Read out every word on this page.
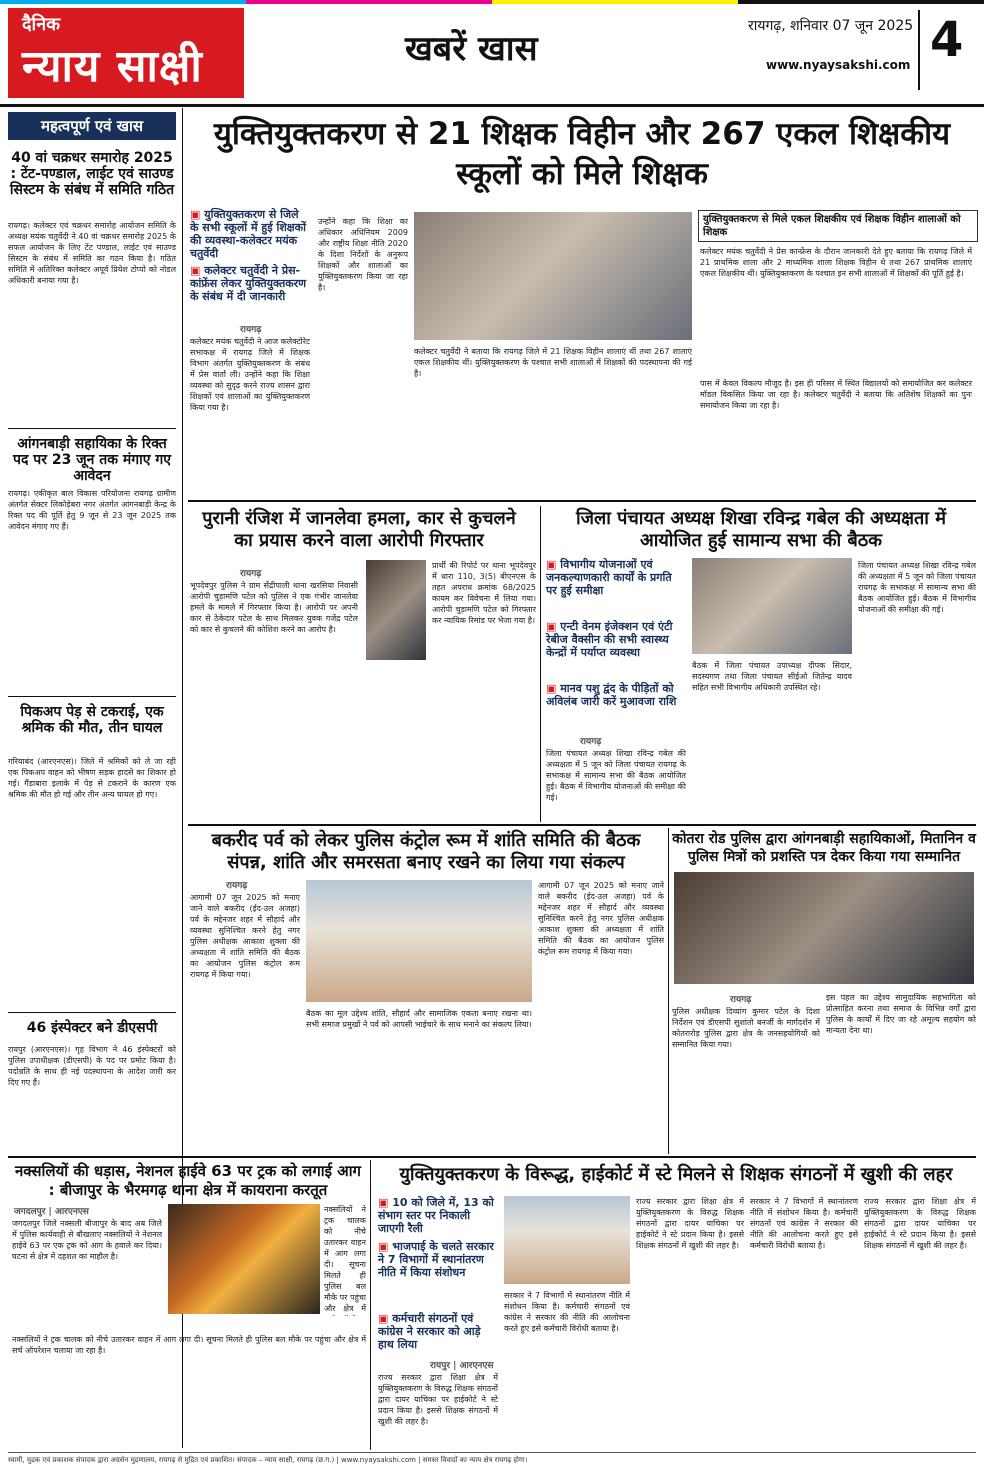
दैनिक
न्याय साक्षी	खबरें खास
रायगढ़, शनिवार 07 जून 2025
www.nyaysakshi.com 4
महत्वपूर्ण एवं खास
40 वां चक्रधर समारोह 2025 : टेंट-पण्डाल, लाईट एवं साउण्ड सिस्टम के संबंध में समिति गठित
रायगढ़। कलेक्टर एवं चक्रधर समारोह आयोजन समिति के अध्यक्ष मयंक चतुर्वेदी ने 40 वां चक्रधर समारोह 2025 के सफल आयोजन के लिए टेंट पण्डाल, लाईट एवं साउण्ड सिस्टम के संबंध में समिति का गठन किया है। गठित समिति में अतिरिक्त कलेक्टर अपूर्व प्रियेश टोप्पो को नोडल अधिकारी बनाया गया है।
आंगनबाड़ी सहायिका के रिक्त पद पर 23 जून तक मंगाए गए आवेदन
रायगढ़। एकीकृत बाल विकास परियोजना रायगढ़ ग्रामीण अंतर्गत सेक्टर लिकोड़ेबरा नगर अंतर्गत आंगनबाड़ी केन्द्र के रिक्त पद की पूर्ति हेतु 9 जून से 23 जून 2025 तक आवेदन मंगाए गए हैं।
पिकअप पेड़ से टकराई, एक श्रमिक की मौत, तीन घायल
गरियाबंद (आरएनएस)। जिले में श्रमिकों को ले जा रही एक पिकअप वाहन को भीषण सड़क हादसे का शिकार हो गई। गैंडाबारा इलाके में पेड़ से टकराने के कारण एक श्रमिक की मौत हो गई और तीन अन्य घायल हो गए।
46 इंस्पेक्टर बने डीएसपी
रायपुर (आरएनएस)। गृह विभाग ने 46 इंस्पेक्टरों को पुलिस उपाधीक्षक (डीएसपी) के पद पर प्रमोट किया है। पदोन्नति के साथ ही नई पदस्थापना के आदेश जारी कर दिए गए हैं।
युक्तियुक्तकरण से 21 शिक्षक विहीन और 267 एकल शिक्षकीय स्कूलों को मिले शिक्षक
▣ युक्तियुक्तकरण से जिले के सभी स्कूलों में हुई शिक्षकों की व्यवस्था-कलेक्टर मयंक चतुर्वेदी
▣ कलेक्टर चतुर्वेदी ने प्रेस-कांफ्रेंस लेकर युक्तियुक्तकरण के संबंध में दी जानकारी
रायगढ़
कलेक्टर मयंक चतुर्वेदी ने आज कलेक्टोरेट सभाकक्ष में रायगढ़ जिले में शिक्षक विभाग अंतर्गत युक्तियुक्तकरण के संबंध में प्रेस वार्ता ली। उन्होंने कहा कि शिक्षा व्यवस्था को सुदृढ़ करने राज्य शासन द्वारा शिक्षकों एवं शालाओं का युक्तियुक्तकरण किया गया है।
उन्होंने कहा कि शिक्षा का अधिकार अधिनियम 2009 और राष्ट्रीय शिक्षा नीति 2020 के दिशा निर्देशों के अनुरूप शिक्षकों और शालाओं का युक्तियुक्तकरण किया जा रहा है।
कलेक्टर चतुर्वेदी ने बताया कि रायगढ़ जिले में 21 शिक्षक विहीन शालाएं थीं तथा 267 शालाएं एकल शिक्षकीय थीं। युक्तियुक्तकरण के पश्चात सभी शालाओं में शिक्षकों की पदस्थापना की गई है।
युक्तियुक्तकरण से मिले एकल शिक्षकीय एवं शिक्षक विहीन शालाओं को शिक्षक
कलेक्टर मयंक चतुर्वेदी ने प्रेस कान्फ्रेंस के दौरान जानकारी देते हुए बताया कि रायगढ़ जिले में 21 प्राथमिक शाला और 2 माध्यमिक शाला शिक्षक विहीन थे तथा 267 प्राथमिक शालाएं एकल शिक्षकीय थीं। युक्तियुक्तकरण के पश्चात इन सभी शालाओं में शिक्षकों की पूर्ति हुई है।
पास में केवल विकल्प मौजूद है। इस ही परिसर में स्थित विद्यालयों को समायोजित कर कलेक्टर मॉडल विकसित किया जा रहा है। कलेक्टर चतुर्वेदी ने बताया कि अतिशेष शिक्षकों का पुनः समायोजन किया जा रहा है।
पुरानी रंजिश में जानलेवा हमला, कार से कुचलने का प्रयास करने वाला आरोपी गिरफ्तार
रायगढ़
भूपदेवपुर पुलिस ने ग्राम सेंद्रीपाली थाना खरसिया निवासी आरोपी चुड़ामणि पटेल को पुलिस ने एक गंभीर जानलेवा हमले के मामले में गिरफ्तार किया है। आरोपी पर अपनी कार से ठेकेदार पटेल के साथ मिलकर युवक गजेंद्र पटेल को कार से कुचलने की कोशिश करने का आरोप है।
प्रार्थी की रिपोर्ट पर थाना भूपदेवपुर में धारा 110, 3(5) बीएनएस के तहत अपराध क्रमांक 68/2025 कायम कर विवेचना में लिया गया। आरोपी चुड़ामणि पटेल को गिरफ्तार कर न्यायिक रिमांड पर भेजा गया है।
जिला पंचायत अध्यक्ष शिखा रविन्द्र गबेल की अध्यक्षता में आयोजित हुई सामान्य सभा की बैठक
▣ विभागीय योजनाओं एवं जनकल्याणकारी कार्यों के प्रगति पर हुई समीक्षा
▣ एन्टी वेनम इंजेक्शन एवं एंटी रेबीज वैक्सीन की सभी स्वास्थ्य केन्द्रों में पर्याप्त व्यवस्था
▣ मानव पशु द्वंद के पीड़ितों को अविलंब जारी करें मुआवजा राशि
रायगढ़
जिला पंचायत अध्यक्ष शिखा रविन्द्र गबेल की अध्यक्षता में 5 जून को जिला पंचायत रायगढ़ के सभाकक्ष में सामान्य सभा की बैठक आयोजित हुई। बैठक में विभागीय योजनाओं की समीक्षा की गई।
बैठक में जिला पंचायत उपाध्यक्ष दीपक सिदार, सदस्यगण तथा जिला पंचायत सीईओ जितेन्द्र यादव सहित सभी विभागीय अधिकारी उपस्थित रहे।
जिला पंचायत अध्यक्ष शिखा रविन्द्र गबेल की अध्यक्षता में 5 जून को जिला पंचायत रायगढ़ के सभाकक्ष में सामान्य सभा की बैठक आयोजित हुई। बैठक में विभागीय योजनाओं की समीक्षा की गई।
बकरीद पर्व को लेकर पुलिस कंट्रोल रूम में शांति समिति की बैठक संपन्न, शांति और समरसता बनाए रखने का लिया गया संकल्प
रायगढ़
आगामी 07 जून 2025 को मनाए जाने वाले बकरीद (ईद-उल अजहा) पर्व के मद्देनजर शहर में सौहार्द और व्यवस्था सुनिश्चित करने हेतु नगर पुलिस अधीक्षक आकाश शुक्ला की अध्यक्षता में शांति समिति की बैठक का आयोजन पुलिस कंट्रोल रूम रायगढ़ में किया गया।
बैठक का मूल उद्देश्य शांति, सौहार्द और सामाजिक एकता बनाए रखना था। सभी समाज प्रमुखों ने पर्व को आपसी भाईचारे के साथ मनाने का संकल्प लिया।
आगामी 07 जून 2025 को मनाए जाने वाले बकरीद (ईद-उल अजहा) पर्व के मद्देनजर शहर में सौहार्द और व्यवस्था सुनिश्चित करने हेतु नगर पुलिस अधीक्षक आकाश शुक्ला की अध्यक्षता में शांति समिति की बैठक का आयोजन पुलिस कंट्रोल रूम रायगढ़ में किया गया।
कोतरा रोड पुलिस द्वारा आंगनबाड़ी सहायिकाओं, मितानिन व पुलिस मित्रों को प्रशस्ति पत्र देकर किया गया सम्मानित
रायगढ़
पुलिस अधीक्षक दिव्यांग कुमार पटेल के दिशा निर्देशन एवं डीएसपी सुशांतो बनर्जी के मार्गदर्शन में कोतरारोड़ पुलिस द्वारा क्षेत्र के जनसहयोगियों को सम्मानित किया गया।
इस पहल का उद्देश्य सामुदायिक सहभागिता को प्रोत्साहित करना तथा समाज के विभिन्न वर्गों द्वारा पुलिस के कार्यों में दिए जा रहे अमूल्य सहयोग को मान्यता देना था।
नक्सलियों की धड़ास, नेशनल हाईवे 63 पर ट्रक को लगाई आग : बीजापुर के भैरमगढ़ थाना क्षेत्र में कायराना करतूत
जगदलपुर | आरएनएस
जगदलपुर जिले नक्सली बीजापुर के बाद अब जिले में पुलिस कार्यवाही से बौखलाए नक्सलियों ने नेशनल हाईवे 63 पर एक ट्रक को आग के हवाले कर दिया। घटना से क्षेत्र में दहशत का माहौल है।
नक्सलियों ने ट्रक चालक को नीचे उतारकर वाहन में आग लगा दी। सूचना मिलते ही पुलिस बल मौके पर पहुंचा और क्षेत्र में
नक्सलियों ने ट्रक चालक को नीचे उतारकर वाहन में आग लगा दी। सूचना मिलते ही पुलिस बल मौके पर पहुंचा और क्षेत्र में सर्च ऑपरेशन चलाया जा रहा है।
युक्तियुक्तकरण के विरूद्ध, हाईकोर्ट में स्टे मिलने से शिक्षक संगठनों में खुशी की लहर
▣ 10 को जिले में, 13 को संभाग स्तर पर निकाली जाएगी रैली
▣ भाजपाई के चलते सरकार ने 7 विभागों में स्थानांतरण नीति में किया संशोधन
▣ कर्मचारी संगठनों एवं कांग्रेस ने सरकार को आड़े हाथ लिया
रायपुर | आरएनएस
राज्य सरकार द्वारा शिक्षा क्षेत्र में युक्तियुक्तकरण के विरुद्ध शिक्षक संगठनों द्वारा दायर याचिका पर हाईकोर्ट ने स्टे प्रदान किया है। इससे शिक्षक संगठनों में खुशी की लहर है।
सरकार ने 7 विभागों में स्थानांतरण नीति में संशोधन किया है। कर्मचारी संगठनों एवं कांग्रेस ने सरकार की नीति की आलोचना करते हुए इसे कर्मचारी विरोधी बताया है।
राज्य सरकार द्वारा शिक्षा क्षेत्र में युक्तियुक्तकरण के विरुद्ध शिक्षक संगठनों द्वारा दायर याचिका पर हाईकोर्ट ने स्टे प्रदान किया है। इससे शिक्षक संगठनों में खुशी की लहर है।
सरकार ने 7 विभागों में स्थानांतरण नीति में संशोधन किया है। कर्मचारी संगठनों एवं कांग्रेस ने सरकार की नीति की आलोचना करते हुए इसे कर्मचारी विरोधी बताया है।
राज्य सरकार द्वारा शिक्षा क्षेत्र में युक्तियुक्तकरण के विरुद्ध शिक्षक संगठनों द्वारा दायर याचिका पर हाईकोर्ट ने स्टे प्रदान किया है। इससे शिक्षक संगठनों में खुशी की लहर है।
स्वामी, मुद्रक एवं प्रकाशक संपादक द्वारा अग्रसेन मुद्रणालय, रायगढ़ से मुद्रित एवं प्रकाशित। संपादक – न्याय साक्षी, रायगढ़ (छ.ग.) | www.nyaysakshi.com | समस्त विवादों का न्याय क्षेत्र रायगढ़ होगा।
